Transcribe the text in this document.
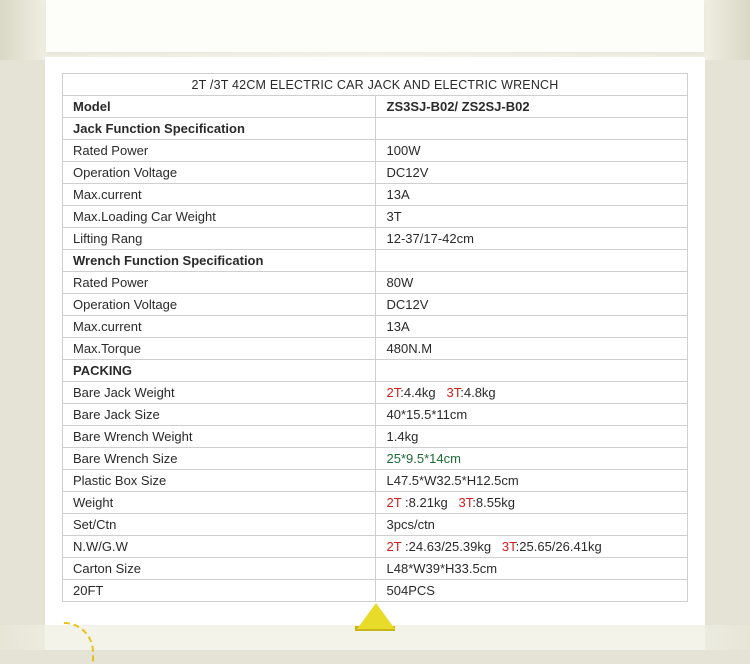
2T /3T 42CM ELECTRIC CAR JACK AND ELECTRIC WRENCH	
Model	ZS3SJ-B02/ ZS2SJ-B02
Jack Function Specification	
Rated Power	100W
Operation Voltage	DC12V
Max.current	13A
Max.Loading Car Weight	3T
Lifting Rang	12-37/17-42cm
Wrench Function Specification	
Rated Power	80W
Operation Voltage	DC12V
Max.current	13A
Max.Torque	480N.M
PACKING	
Bare Jack Weight	2T:4.4kg 3T:4.8kg
Bare Jack Size	40*15.5*11cm
Bare Wrench Weight	1.4kg
Bare Wrench Size	25*9.5*14cm
Plastic Box Size	L47.5*W32.5*H12.5cm
Weight	2T :8.21kg 3T:8.55kg
Set/Ctn	3pcs/ctn
N.W/G.W	2T :24.63/25.39kg 3T:25.65/26.41kg
Carton Size	L48*W39*H33.5cm
20FT	504PCS
